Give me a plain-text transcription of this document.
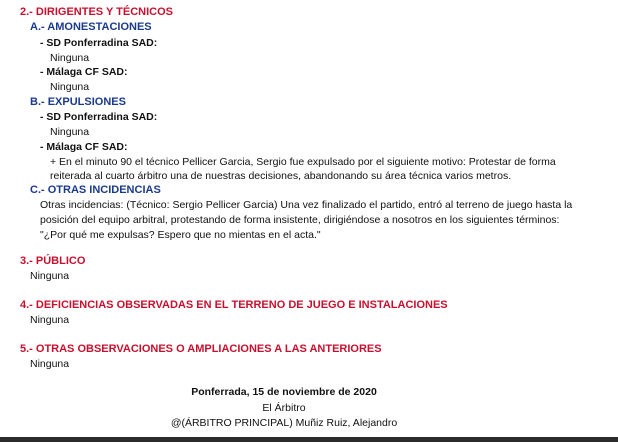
2.- DIRIGENTES Y TÉCNICOS
A.- AMONESTACIONES
- SD Ponferradina SAD:
Ninguna
- Málaga CF SAD:
Ninguna
B.- EXPULSIONES
- SD Ponferradina SAD:
Ninguna
- Málaga CF SAD:
+ En el minuto 90 el técnico Pellicer Garcia, Sergio fue expulsado por el siguiente motivo: Protestar de forma
reiterada al cuarto árbitro una de nuestras decisiones, abandonando su área técnica varios metros.
C.- OTRAS INCIDENCIAS
Otras incidencias: (Técnico: Sergio Pellicer Garcia) Una vez finalizado el partido, entró al terreno de juego hasta la
posición del equipo arbitral, protestando de forma insistente, dirigiéndose a nosotros en los siguientes términos:
"¿Por qué me expulsas? Espero que no mientas en el acta."
3.- PÚBLICO
Ninguna
4.- DEFICIENCIAS OBSERVADAS EN EL TERRENO DE JUEGO E INSTALACIONES
Ninguna
5.- OTRAS OBSERVACIONES O AMPLIACIONES A LAS ANTERIORES
Ninguna
Ponferrada, 15 de noviembre de 2020
El Árbitro
@(ÁRBITRO PRINCIPAL) Muñiz Ruiz, Alejandro
